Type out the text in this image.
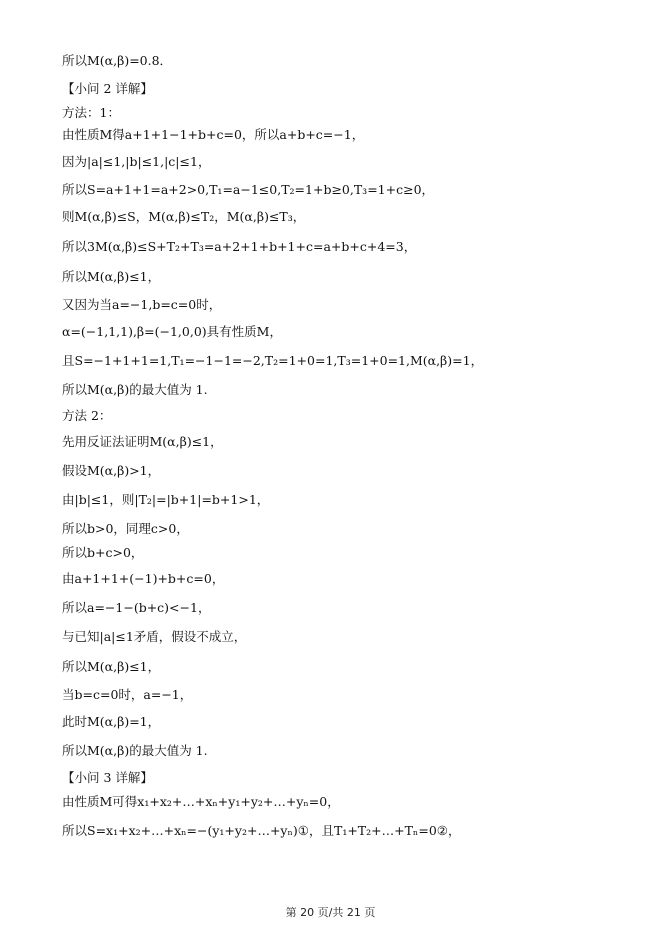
所以M(α,β)=0.8．
【小问 2 详解】
方法：1：
由性质M得a+1+1−1+b+c=0，所以a+b+c=−1，
因为|a|≤1,|b|≤1,|c|≤1，
所以S=a+1+1=a+2>0,T₁=a−1≤0,T₂=1+b≥0,T₃=1+c≥0，
则M(α,β)≤S，M(α,β)≤T₂，M(α,β)≤T₃，
所以3M(α,β)≤S+T₂+T₃=a+2+1+b+1+c=a+b+c+4=3，
所以M(α,β)≤1，
又因为当a=−1,b=c=0时，
α=(−1,1,1),β=(−1,0,0)具有性质M，
且S=−1+1+1=1,T₁=−1−1=−2,T₂=1+0=1,T₃=1+0=1,M(α,β)=1，
所以M(α,β)的最大值为 1.
方法 2：
先用反证法证明M(α,β)≤1，
假设M(α,β)>1，
由|b|≤1，则|T₂|=|b+1|=b+1>1，
所以b>0，同理c>0，
所以b+c>0，
由a+1+1+(−1)+b+c=0，
所以a=−1−(b+c)<−1，
与已知|a|≤1矛盾，假设不成立，
所以M(α,β)≤1，
当b=c=0时，a=−1，
此时M(α,β)=1，
所以M(α,β)的最大值为 1.
【小问 3 详解】
由性质M可得x₁+x₂+…+xₙ+y₁+y₂+…+yₙ=0，
所以S=x₁+x₂+…+xₙ=−(y₁+y₂+…+yₙ)①，且T₁+T₂+…+Tₙ=0②，
第 20 页/共 21 页
